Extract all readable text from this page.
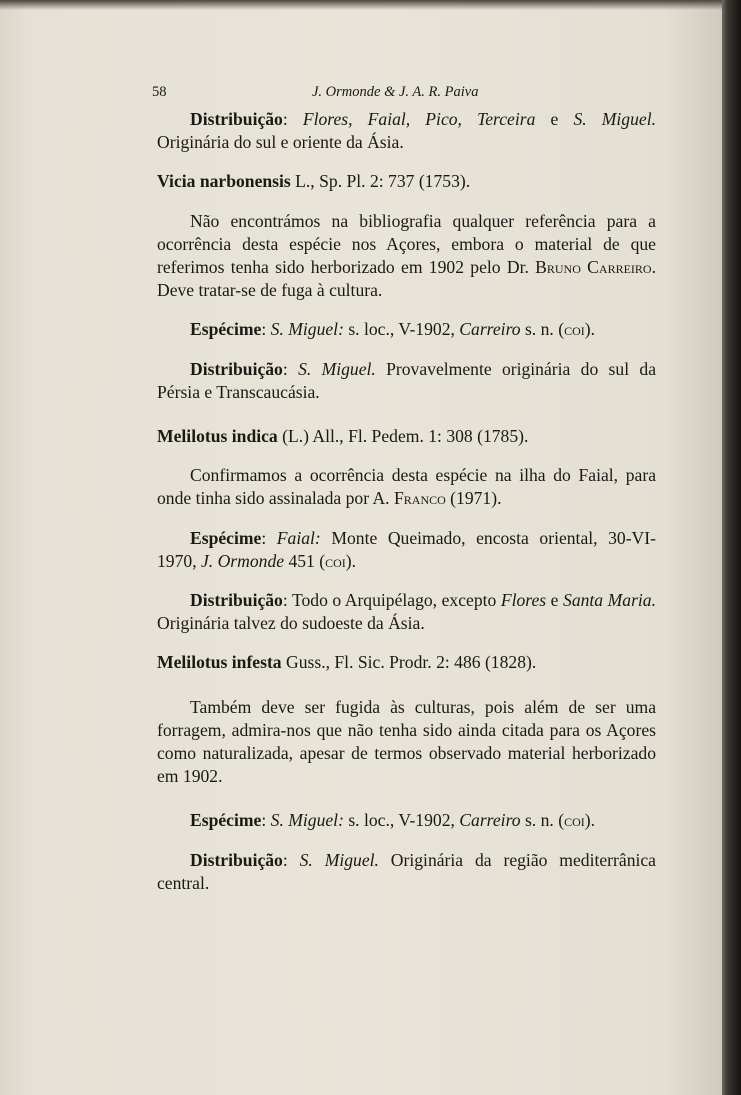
58	J. Ormonde & J. A. R. Paiva

Distribuição: Flores, Faial, Pico, Terceira e S. Miguel. Originária do sul e oriente da Ásia.

Vicia narbonensis L., Sp. Pl. 2: 737 (1753).

Não encontrámos na bibliografia qualquer referência para a ocorrência desta espécie nos Açores, embora o material de que referimos tenha sido herborizado em 1902 pelo Dr. Bruno Carreiro. Deve tratar-se de fuga à cultura.

Espécime: S. Miguel: s. loc., V-1902, Carreiro s. n. (coi).

Distribuição: S. Miguel. Provavelmente originária do sul da Pérsia e Transcaucásia.

Melilotus indica (L.) All., Fl. Pedem. 1: 308 (1785).

Confirmamos a ocorrência desta espécie na ilha do Faial, para onde tinha sido assinalada por A. Franco (1971).

Espécime: Faial: Monte Queimado, encosta oriental, 30-VI-1970, J. Ormonde 451 (coi).

Distribuição: Todo o Arquipélago, excepto Flores e Santa Maria. Originária talvez do sudoeste da Ásia.

Melilotus infesta Guss., Fl. Sic. Prodr. 2: 486 (1828).

Também deve ser fugida às culturas, pois além de ser uma forragem, admira-nos que não tenha sido ainda citada para os Açores como naturalizada, apesar de termos observado material herborizado em 1902.

Espécime: S. Miguel: s. loc., V-1902, Carreiro s. n. (coi).

Distribuição: S. Miguel. Originária da região mediterrânica central.
